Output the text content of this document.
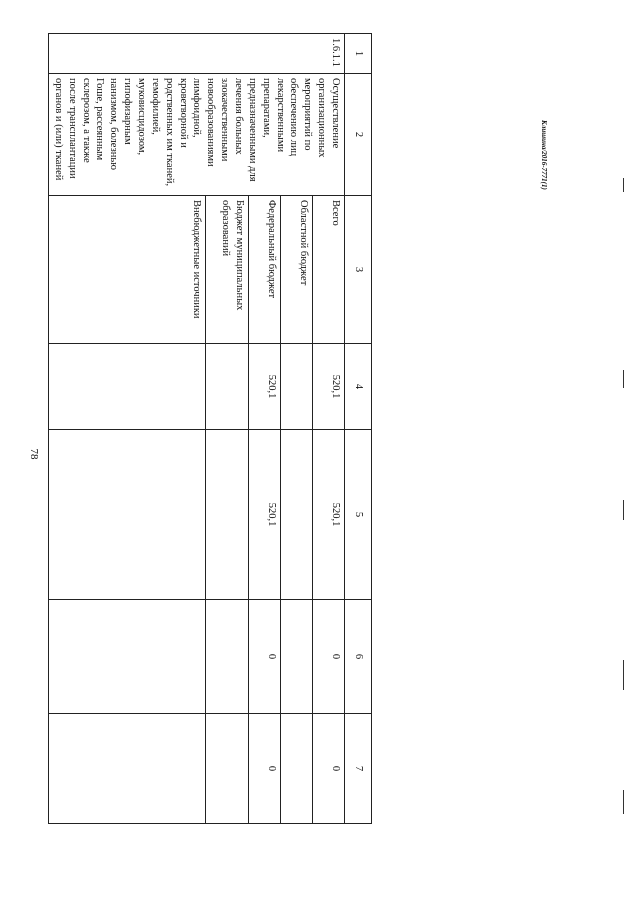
78
1	2	3	4	5	6	7
1.6.1.1	Осуществление организационных мероприятий по обеспечению лиц лекарственными препаратами, предназначенными для лечения больных злокачественными новообразованиями лимфоидной, кроветворной и родственных им тканей, гемофилией, муковисцидозом, гипофизарным нанизмом, болезнью Гоше, рассеянным склерозом, а также после трансплантации органов и (или) тканей	Всего	520,1	520,1	0	0
		Областной бюджет				
		Федеральный бюджет	520,1	520,1	0	0
		Бюджет муниципальных образований				
		Внебюджетные источники				
Клишина/2016-7771(1)
